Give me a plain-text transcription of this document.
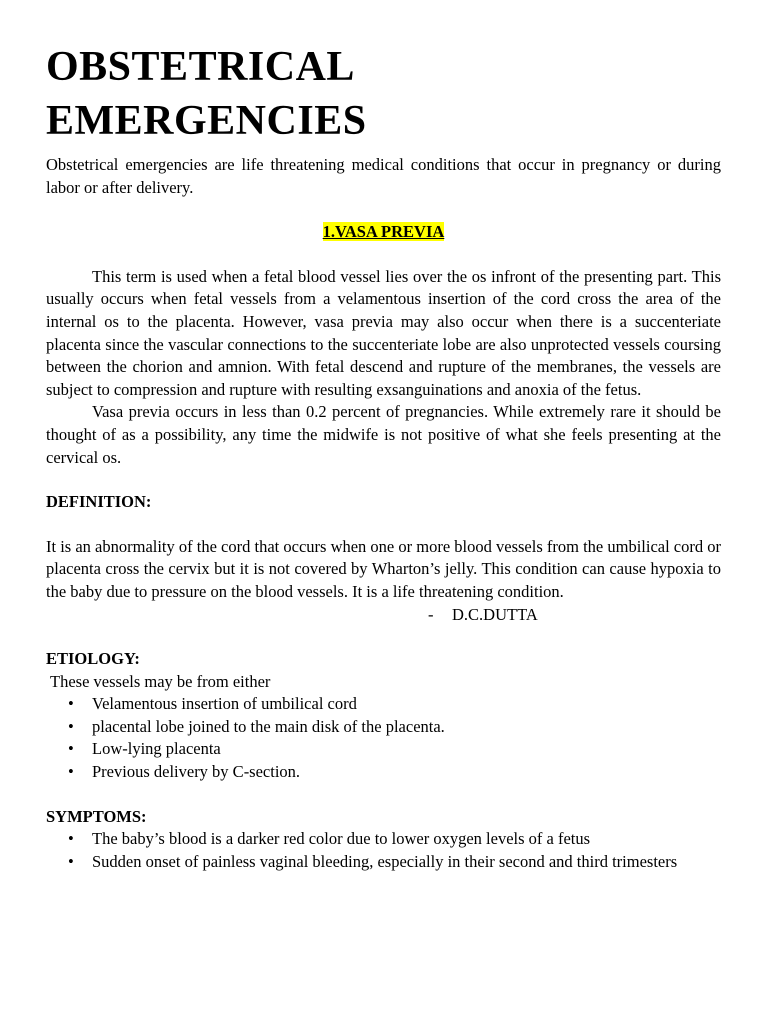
OBSTETRICAL
EMERGENCIES

Obstetrical emergencies are life threatening medical conditions that occur in pregnancy or during labor or after delivery.

1.VASA PREVIA

This term is used when a fetal blood vessel lies over the os infront of the presenting part. This usually occurs when fetal vessels from a velamentous insertion of the cord cross the area of the internal os to the placenta. However, vasa previa may also occur when there is a succenteriate placenta since the vascular connections to the succenteriate lobe are also unprotected vessels coursing between the chorion and amnion. With fetal descend and rupture of the membranes, the vessels are subject to compression and rupture with resulting exsanguinations and anoxia of the fetus.

Vasa previa occurs in less than 0.2 percent of pregnancies. While extremely rare it should be thought of as a possibility, any time the midwife is not positive of what she feels presenting at the cervical os.

DEFINITION:

It is an abnormality of the cord that occurs when one or more blood vessels from the umbilical cord or placenta cross the cervix but it is not covered by Wharton’s jelly. This condition can cause hypoxia to the baby due to pressure on the blood vessels. It is a life threatening condition.

- D.C.DUTTA
ETIOLOGY:

These vessels may be from either

• Velamentous insertion of umbilical cord
• placental lobe joined to the main disk of the placenta.
• Low-lying placenta
• Previous delivery by C-section.
SYMPTOMS:
• The baby’s blood is a darker red color due to lower oxygen levels of a fetus
• Sudden onset of painless vaginal bleeding, especially in their second and third trimesters
